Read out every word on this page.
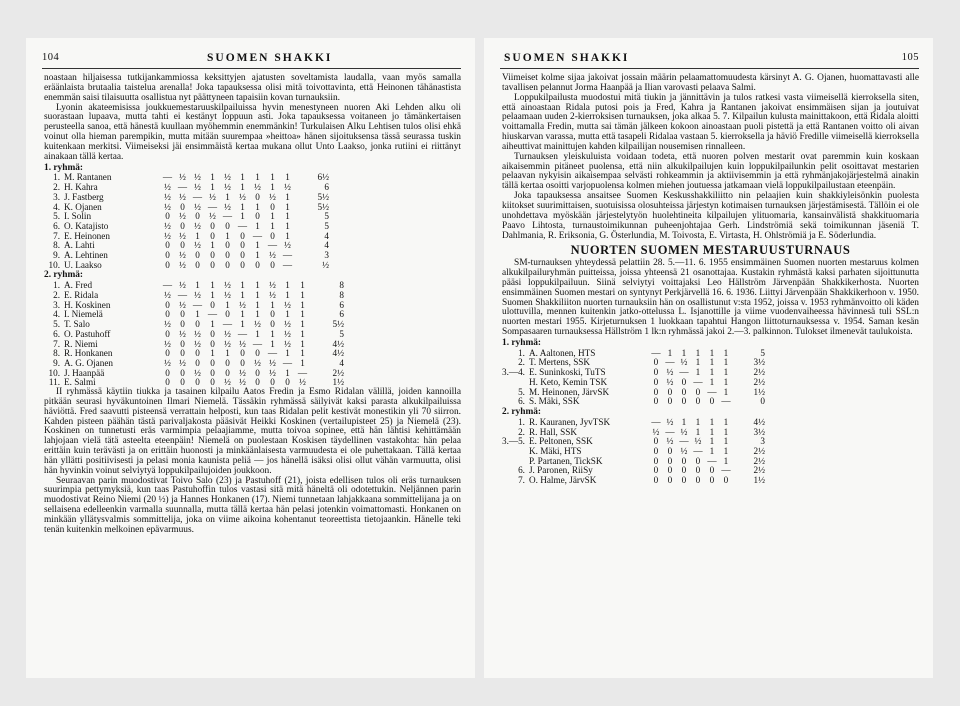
104	SUOMEN SHAKKI

noastaan hiljaisessa tutkijankammiossa keksittyjen ajatusten soveltamista laudalla, vaan myös samalla eräänlaista brutaalia taistelua arenalla! Joka tapauksessa olisi mitä toivottavinta, että Heinonen tähänastista enemmän saisi tilaisuutta osallistua nyt päättyneen tapaisiin kovan turnauksiin.

Lyonin akateemisissa joukkuemestaruuskilpailuissa hyvin menestyneen nuoren Aki Lehden alku oli suorastaan lupaava, mutta tahti ei kestänyt loppuun asti. Joka tapauksessa voitaneen jo tämänkertaisen perusteella sanoa, että hänestä kuullaan myöhemmin enemmänkin! Turkulaisen Alku Lehtisen tulos olisi ehkä voinut olla hieman parempikin, mutta mitään suurempaa »heittoa» hänen sijoituksensa tässä seurassa tuskin kuitenkaan merkitsi. Viimeiseksi jäi ensimmäistä kertaa mukana ollut Unto Laakso, jonka rutiini ei riittänyt ainakaan tällä kertaa.

1. ryhmä:
1.	M. Rantanen	—	½	½	1	½	1	1	1	1	6½
2.	H. Kahra	½	—	½	1	½	1	½	1	½	6
3.	J. Fastberg	½	½	—	½	1	½	0	½	1	5½
4.	K. Ojanen	½	0	½	—	½	1	1	0	1	5½
5.	I. Solin	0	½	0	½	—	1	0	1	1	5
6.	O. Katajisto	½	0	½	0	0	—	1	1	1	5
7.	E. Heinonen	½	½	1	0	1	0	—	0	1	4
8.	A. Lahti	0	0	½	1	0	0	1	—	½	4
9.	A. Lehtinen	0	½	0	0	0	0	1	½	—	3
10.	U. Laakso	0	½	0	0	0	0	0	0	—	½
2. ryhmä:
1.	A. Fred	—	½	1	1	½	1	1	½	1	1	8
2.	E. Ridala	½	—	½	1	½	1	1	½	1	1	8
3.	H. Koskinen	0	½	—	0	1	½	1	1	½	1	6
4.	I. Niemelä	0	0	1	—	0	1	1	0	1	1	6
5.	T. Salo	½	0	0	1	—	1	½	0	½	1	5½
6.	O. Pastuhoff	0	½	½	0	½	—	1	1	½	1	5
7.	R. Niemi	½	0	½	0	½	½	—	1	½	1	4½
8.	R. Honkanen	0	0	0	1	1	0	0	—	1	1	4½
9.	A. G. Ojanen	½	½	0	0	0	0	½	½	—	1	4
10.	J. Haanpää	0	0	½	0	0	½	0	½	1	—	2½
11.	E. Salmi	0	0	0	0	½	½	0	0	0	½	1½

II ryhmässä käytiin tiukka ja tasainen kilpailu Aatos Fredin ja Esmo Ridalan välillä, joiden kannoilla pitkään seurasi hyväkuntoinen Ilmari Niemelä. Tässäkin ryhmässä säilyivät kaksi parasta alkukilpailuissa häviöttä. Fred saavutti pisteensä verrattain helposti, kun taas Ridalan pelit kestivät monestikin yli 70 siirron. Kahden pisteen päähän tästä parivaljakosta pääsivät Heikki Koskinen (vertailupisteet 25) ja Niemelä (23). Koskinen on tunnetusti eräs varmimpia pelaajiamme, mutta toivoa sopinee, että hän lähtisi kehittämään lahjojaan vielä tätä asteelta eteenpäin! Niemelä on puolestaan Koskisen täydellinen vastakohta: hän pelaa erittäin kuin terävästi ja on erittäin huonosti ja minkäänlaisesta varmuudesta ei ole puhettakaan. Tällä kertaa hän yllätti positiivisesti ja pelasi monia kaunista peliä — jos hänellä isäksi olisi ollut vähän varmuutta, olisi hän hyvinkin voinut selviytyä loppukilpailujoiden joukkoon.

Seuraavan parin muodostivat Toivo Salo (23) ja Pastuhoff (21), joista edellisen tulos oli eräs turnauksen suurimpia pettymyksiä, kun taas Pastuhoffin tulos vastasi sitä mitä häneltä oli odotettukin. Neljännen parin muodostivat Reino Niemi (20 ½) ja Hannes Honkanen (17). Niemi tunnetaan lahjakkaana sommittelijana ja on sellaisena edelleenkin varmalla suunnalla, mutta tällä kertaa hän pelasi jotenkin voimattomasti. Honkanen on minkään yllätysvalmis sommittelija, joka on viime aikoina kohentanut teoreettista tietojaankin. Hänelle teki tenän kuitenkin melkoinen epävarmuus.

SUOMEN SHAKKI	105

Viimeiset kolme sijaa jakoivat jossain määrin pelaamattomuudesta kärsinyt A. G. Ojanen, huomattavasti alle tavallisen pelannut Jorma Haanpää ja Ilian varovasti pelaava Salmi.

Loppukilpailusta muodostui mitä tiukin ja jännittävin ja tulos ratkesi vasta viimeisellä kierroksella siten, että ainoastaan Ridala putosi pois ja Fred, Kahra ja Rantanen jakoivat ensimmäisen sijan ja joutuivat pelaamaan uuden 2-kierroksisen turnauksen, joka alkaa 5. 7. Kilpailun kulusta mainittakoon, että Ridala aloitti voittamalla Fredin, mutta sai tämän jälkeen kokoon ainoastaan puoli pistettä ja että Rantanen voitto oli aivan hiuskarvan varassa, mutta että tasapeli Ridalaa vastaan 5. kierroksella ja häviö Fredille viimeisellä kierroksella aiheuttivat mainittujen kahden kilpailijan nousemisen rinnalleen.

Turnauksen yleiskuluista voidaan todeta, että nuoren polven mestarit ovat paremmin kuin koskaan aikaisemmin pitäneet puolensa, että niin alkukilpailujen kuin loppukilpailunkin pelit osoittavat mestarien pelaavan nykyisin aikaisempaa selvästi rohkeammin ja aktiivisemmin ja että ryhmänjakojärjestelmä ainakin tällä kertaa osoitti varjopuolensa kolmen miehen joutuessa jatkamaan vielä loppukilpailustaan eteenpäin.

Joka tapauksessa ansaitsee Suomen Keskusshakkiliitto nin pelaajien kuin shakkiyleisönkin puolesta kiitokset suurimittaisen, suotuisissa olosuhteissa järjestyn kotimaisen turnauksen järjestämisestä. Tällöin ei ole unohdettava myöskään järjestelytyön huolehtineita kilpailujen ylituomaria, kansainvälistä shakkituomaria Paavo Lihtosta, turnaustoimikunnan puheenjohtajaa Gerh. Lindströmiä sekä toimikunnan jäseniä T. Dahlmania, R. Eriksonia, G. Österlundia, M. Toivosta, E. Virtasta, H. Ohlströmiä ja E. Söderlundia.

NUORTEN SUOMEN MESTARUUSTURNAUS

SM-turnauksen yhteydessä pelattiin 28. 5.—11. 6. 1955 ensimmäinen Suomen nuorten mestaruus kolmen alkukilpailuryhmän puitteissa, joissa yhteensä 21 osanottajaa. Kustakin ryhmästä kaksi parhaten sijoittunutta pääsi loppukilpailuun. Siinä selviytyi voittajaksi Leo Hällström Järvenpään Shakkikerhosta. Nuorten ensimmäinen Suomen mestari on syntynyt Perkjärvellä 16. 6. 1936. Liittyi Järvenpään Shakkikerhoon v. 1950. Suomen Shakkiliiton nuorten turnauksiin hän on osallistunut v:sta 1952, joissa v. 1953 ryhmänvoitto oli käden ulottuvilla, mennen kuitenkin jatko-ottelussa L. Isjanottille ja viime vuodenvaiheessa hävinnesä tuli SSL:n nuorten mestari 1955. Kirjeturnuksen 1 luokkaan tapahtui Hangon liittoturnauksessa v. 1954. Saman kesän Sompasaaren turnauksessa Hällström 1 lk:n ryhmässä jakoi 2.—3. palkinnon. Tulokset ilmenevät taulukoista.

1. ryhmä:
1.	A. Aaltonen, HTS	—	1	1	1	1	1	5
2.	T. Mertens, SSK	0	—	½	1	1	1	3½
3.—4.	E. Suninkoski, TuTS	0	½	—	1	1	1	2½
	H. Keto, Kemin TSK	0	½	0	—	1	1	2½
5.	M. Heinonen, JärvSK	0	0	0	0	—	1	1½
6.	S. Mäki, SSK	0	0	0	0	0	—	0
2. ryhmä:
1.	R. Kauranen, JyvTSK	—	½	1	1	1	1	4½
2.	R. Hall, SSK	½	—	½	1	1	1	3½
3.—5.	E. Peltonen, SSK	0	½	—	½	1	1	3
	K. Mäki, HTS	0	0	½	—	1	1	2½
	P. Partanen, TickSK	0	0	0	0	—	1	2½
6.	J. Paronen, RiiSy	0	0	0	0	0	—	2½
7.	O. Halme, JärvSK	0	0	0	0	0	0	1½
